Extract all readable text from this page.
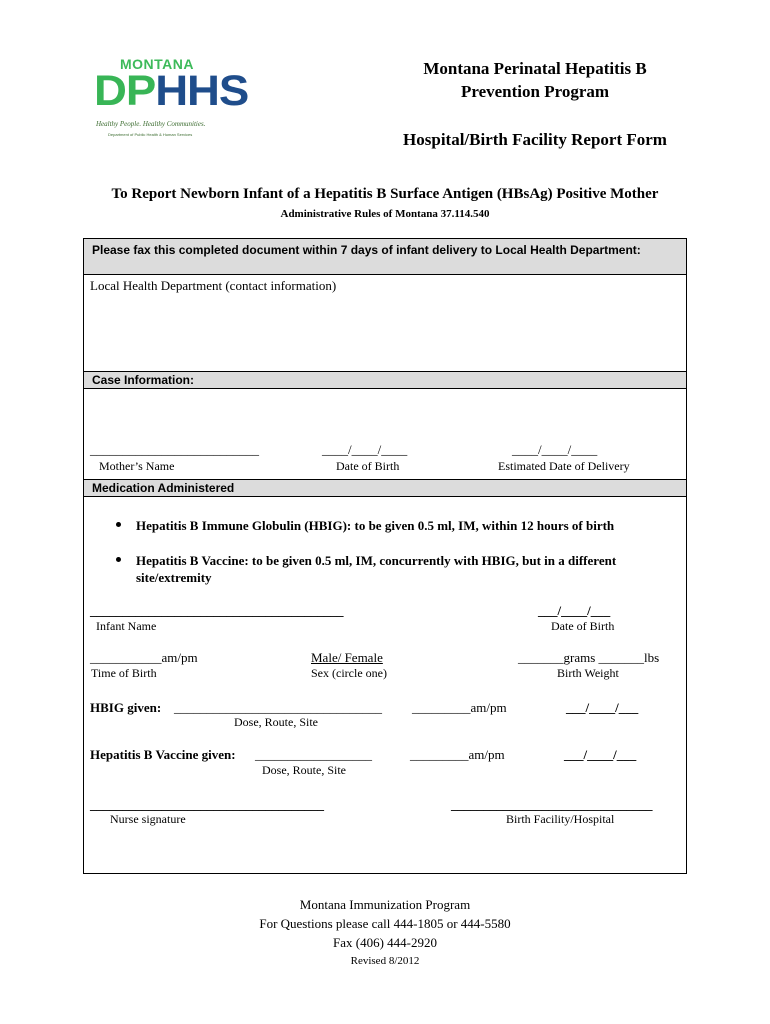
MONTANA
DPHHS
Healthy People. Healthy Communities.
Department of Public Health & Human Services
Montana Perinatal Hepatitis B
Prevention Program
Hospital/Birth Facility Report Form
To Report Newborn Infant of a Hepatitis B Surface Antigen (HBsAg) Positive Mother
Administrative Rules of Montana 37.114.540
Please fax this completed document within 7 days of infant delivery to Local Health Department:
Local Health Department (contact information)
Case Information:
__________________________
Mother’s Name
____/____/____
Date of Birth
____/____/____
Estimated Date of Delivery
Medication Administered
Hepatitis B Immune Globulin (HBIG): to be given 0.5 ml, IM, within 12 hours of birth
Hepatitis B Vaccine: to be given 0.5 ml, IM, concurrently with HBIG, but in a different
site/extremity
_______________________________________
Infant Name
___/____/___
Date of Birth
___________am/pm
Time of Birth
Male/ Female
Sex (circle one)
_______grams _______lbs
Birth Weight
HBIG given: ________________________________
Dose, Route, Site
_________am/pm	___/____/___
Hepatitis B Vaccine given: __________________
Dose, Route, Site
_________am/pm	___/____/___
____________________________________
Nurse signature
_______________________________
Birth Facility/Hospital
Montana Immunization Program
For Questions please call 444-1805 or 444-5580
Fax (406) 444-2920
Revised 8/2012
